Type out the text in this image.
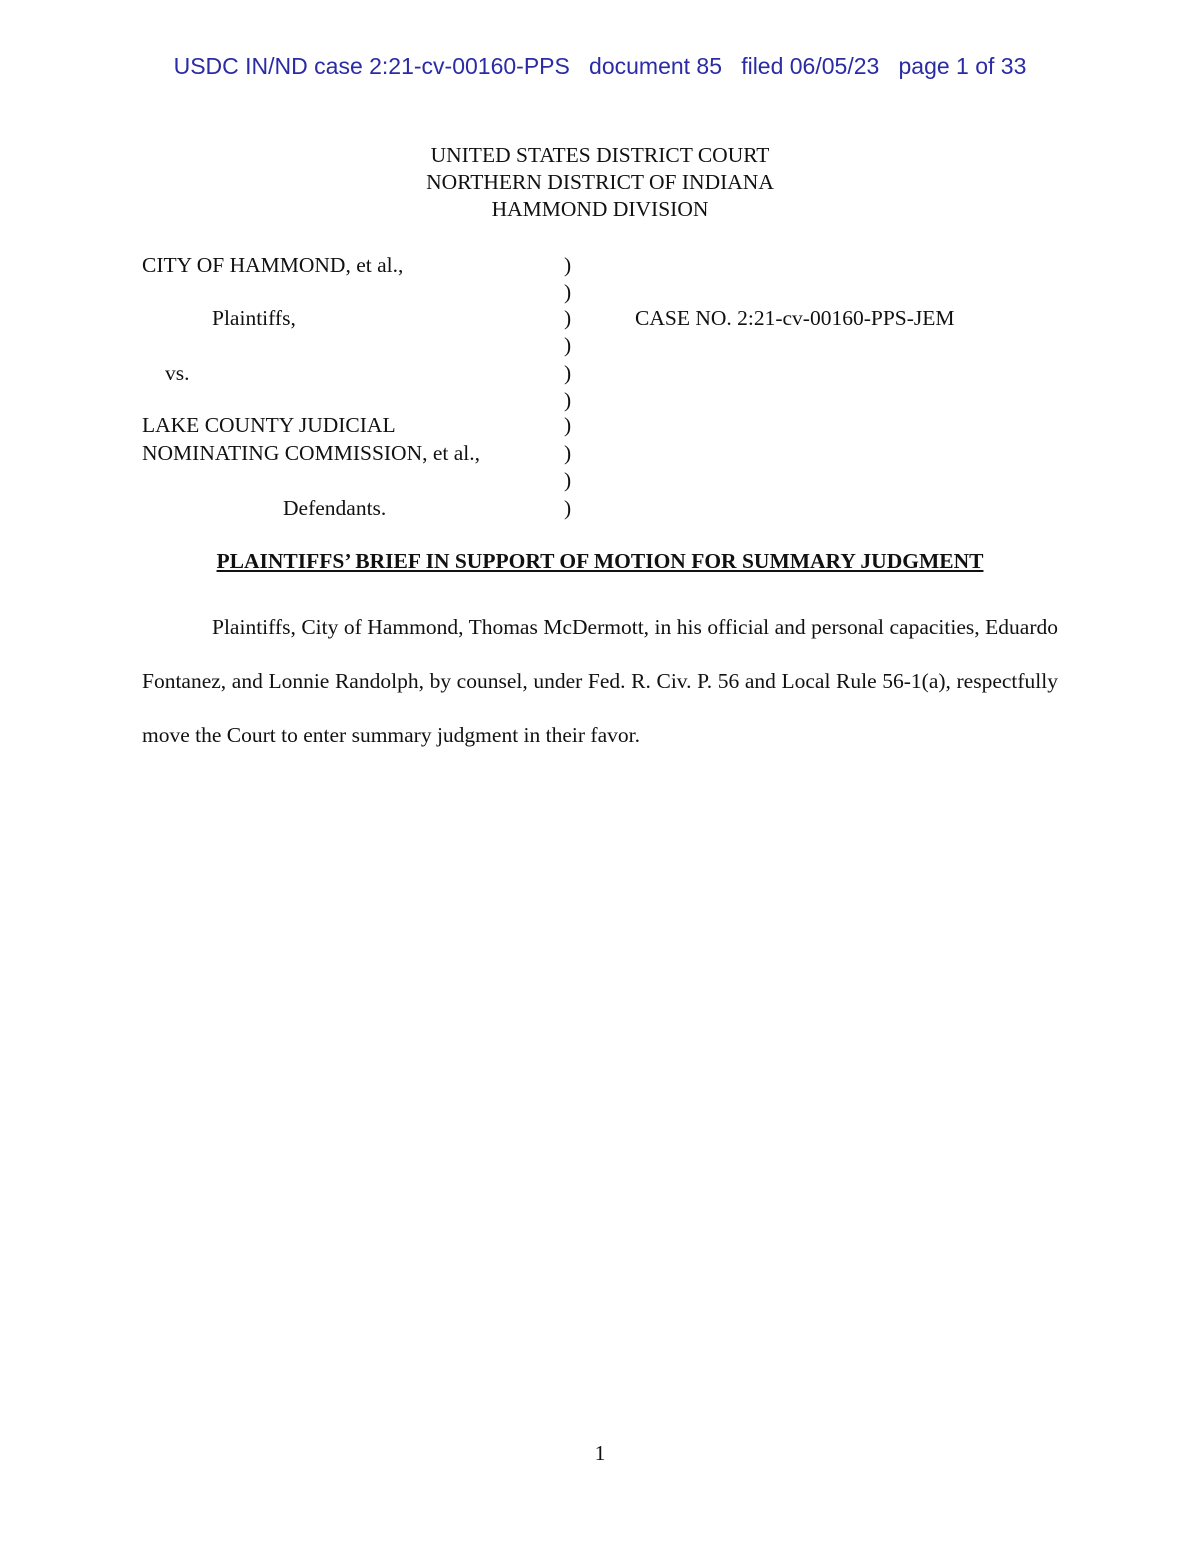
USDC IN/ND case 2:21-cv-00160-PPS document 85 filed 06/05/23 page 1 of 33
UNITED STATES DISTRICT COURT
NORTHERN DISTRICT OF INDIANA
HAMMOND DIVISION
CITY OF HAMMOND, et al.,
Plaintiffs,
vs.
LAKE COUNTY JUDICIAL
NOMINATING COMMISSION, et al.,
Defendants.
)
)
)
)
)
)
)
)
)
)
CASE NO. 2:21-cv-00160-PPS-JEM
PLAINTIFFS’ BRIEF IN SUPPORT OF MOTION FOR SUMMARY JUDGMENT
Plaintiffs, City of Hammond, Thomas McDermott, in his official and personal capacities, Eduardo Fontanez, and Lonnie Randolph, by counsel, under Fed. R. Civ. P. 56 and Local Rule 56-1(a), respectfully move the Court to enter summary judgment in their favor.
1
